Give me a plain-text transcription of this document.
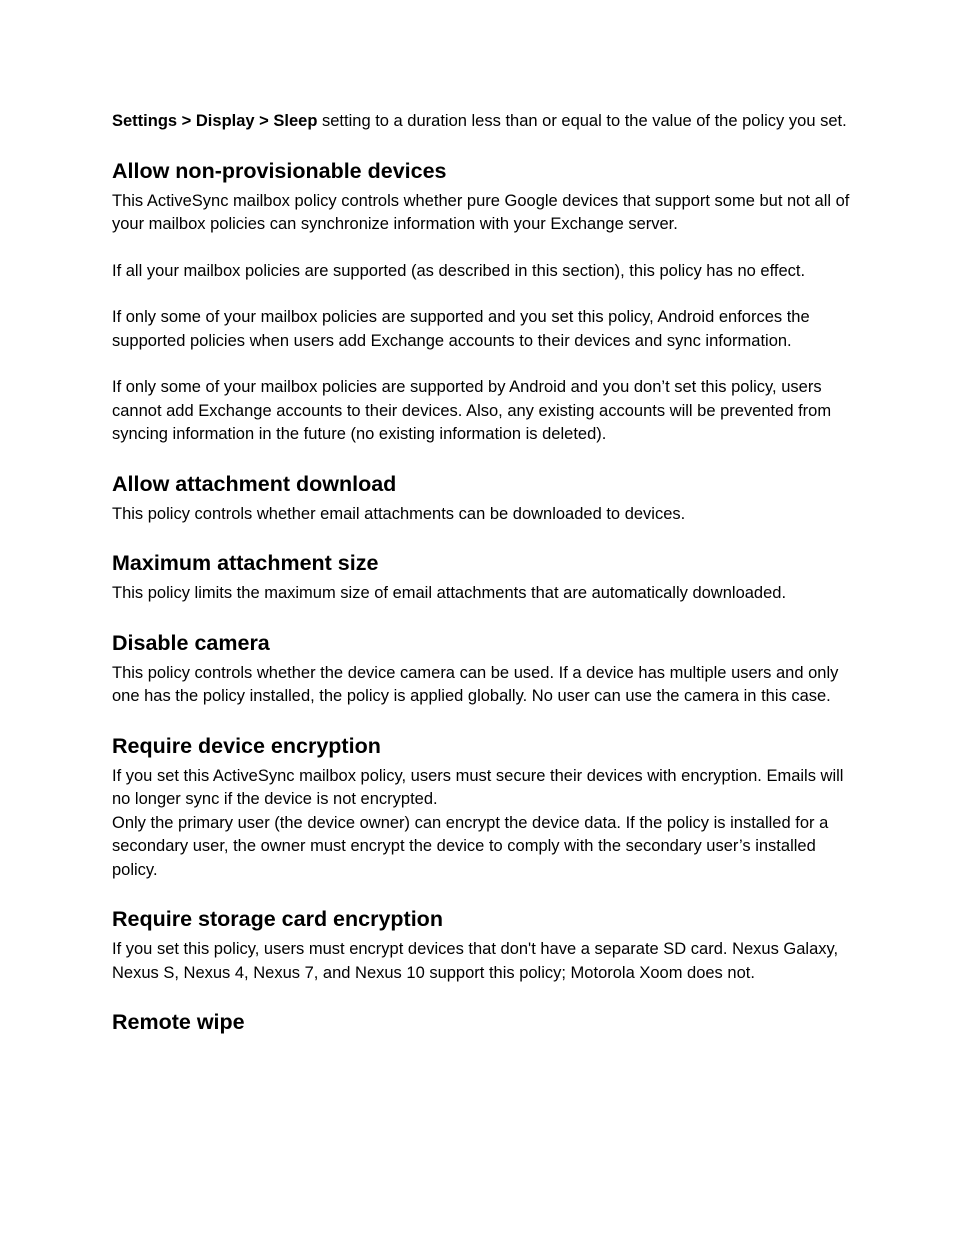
Settings > Display > Sleep setting to a duration less than or equal to the value of the policy you set.

Allow non-provisionable devices

This ActiveSync mailbox policy controls whether pure Google devices that support some but not all of your mailbox policies can synchronize information with your Exchange server.

If all your mailbox policies are supported (as described in this section), this policy has no effect.

If only some of your mailbox policies are supported and you set this policy, Android enforces the supported policies when users add Exchange accounts to their devices and sync information.

If only some of your mailbox policies are supported by Android and you don’t set this policy, users cannot add Exchange accounts to their devices. Also, any existing accounts will be prevented from syncing information in the future (no existing information is deleted).

Allow attachment download

This policy controls whether email attachments can be downloaded to devices.

Maximum attachment size

This policy limits the maximum size of email attachments that are automatically downloaded.

Disable camera

This policy controls whether the device camera can be used. If a device has multiple users and only one has the policy installed, the policy is applied globally. No user can use the camera in this case.

Require device encryption

If you set this ActiveSync mailbox policy, users must secure their devices with encryption. Emails will no longer sync if the device is not encrypted.

Only the primary user (the device owner) can encrypt the device data. If the policy is installed for a secondary user, the owner must encrypt the device to comply with the secondary user’s installed policy.

Require storage card encryption

If you set this policy, users must encrypt devices that don't have a separate SD card. Nexus Galaxy, Nexus S, Nexus 4, Nexus 7, and Nexus 10 support this policy; Motorola Xoom does not.

Remote wipe
